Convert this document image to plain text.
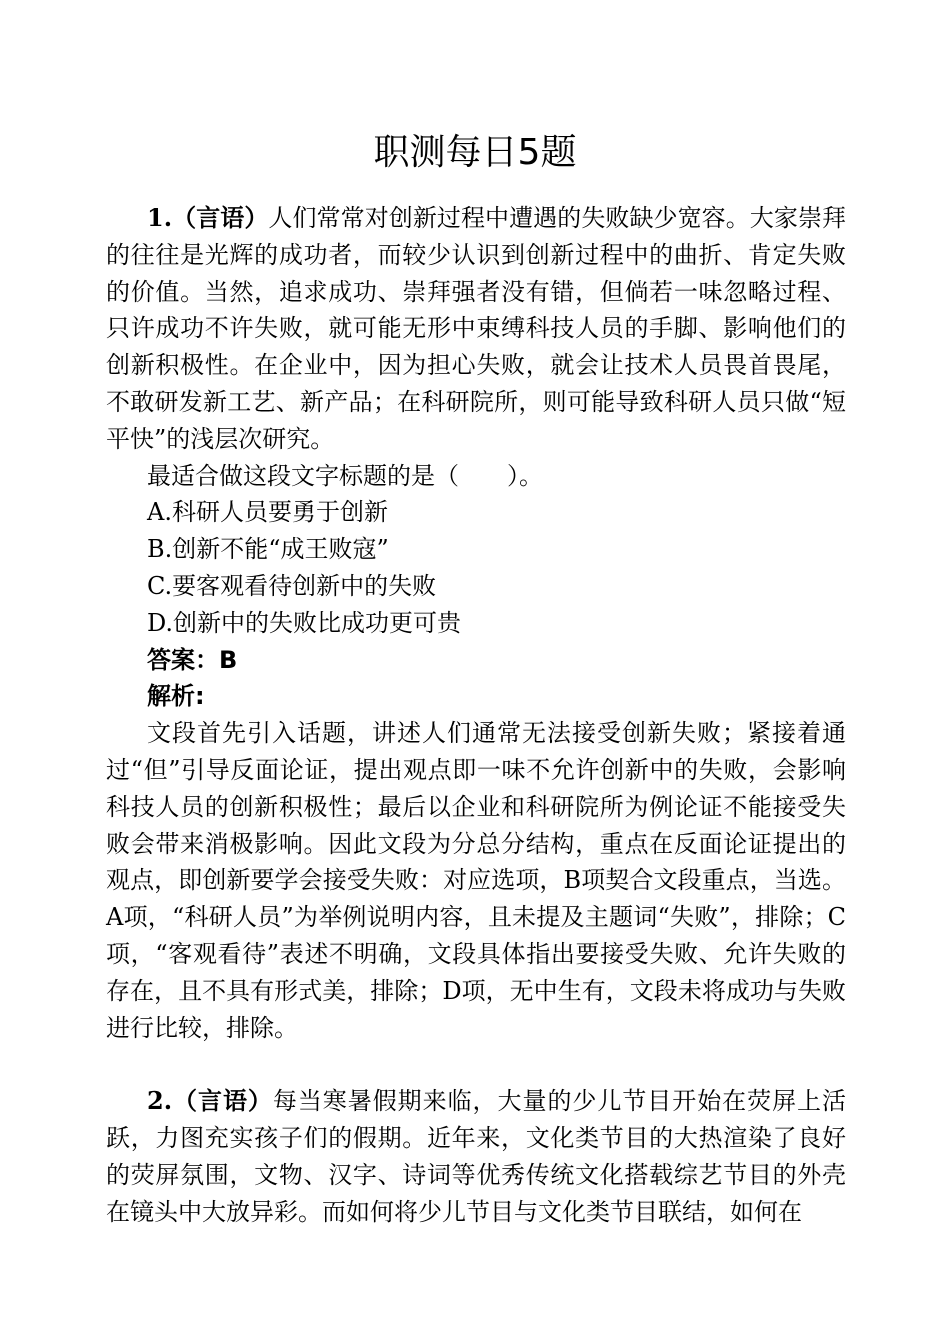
职测每日5题

1.（言语）人们常常对创新过程中遭遇的失败缺少宽容。大家崇拜的往往是光辉的成功者，而较少认识到创新过程中的曲折、肯定失败的价值。当然，追求成功、崇拜强者没有错，但倘若一味忽略过程、只许成功不许失败，就可能无形中束缚科技人员的手脚、影响他们的创新积极性。在企业中，因为担心失败，就会让技术人员畏首畏尾，不敢研发新工艺、新产品；在科研院所，则可能导致科研人员只做“短平快”的浅层次研究。

最适合做这段文字标题的是（　　）。

A.科研人员要勇于创新

B.创新不能“成王败寇”

C.要客观看待创新中的失败

D.创新中的失败比成功更可贵

答案：B

解析:

文段首先引入话题，讲述人们通常无法接受创新失败；紧接着通过“但”引导反面论证，提出观点即一味不允许创新中的失败，会影响科技人员的创新积极性；最后以企业和科研院所为例论证不能接受失败会带来消极影响。因此文段为分总分结构，重点在反面论证提出的观点，即创新要学会接受失败：对应选项，B项契合文段重点，当选。A项，“科研人员”为举例说明内容，且未提及主题词“失败”，排除；C项，“客观看待”表述不明确，文段具体指出要接受失败、允许失败的存在，且不具有形式美，排除；D项，无中生有，文段未将成功与失败进行比较，排除。

2.（言语）每当寒暑假期来临，大量的少儿节目开始在荧屏上活跃，力图充实孩子们的假期。近年来，文化类节目的大热渲染了良好的荧屏氛围，文物、汉字、诗词等优秀传统文化搭载综艺节目的外壳在镜头中大放异彩。而如何将少儿节目与文化类节目联结，如何在
